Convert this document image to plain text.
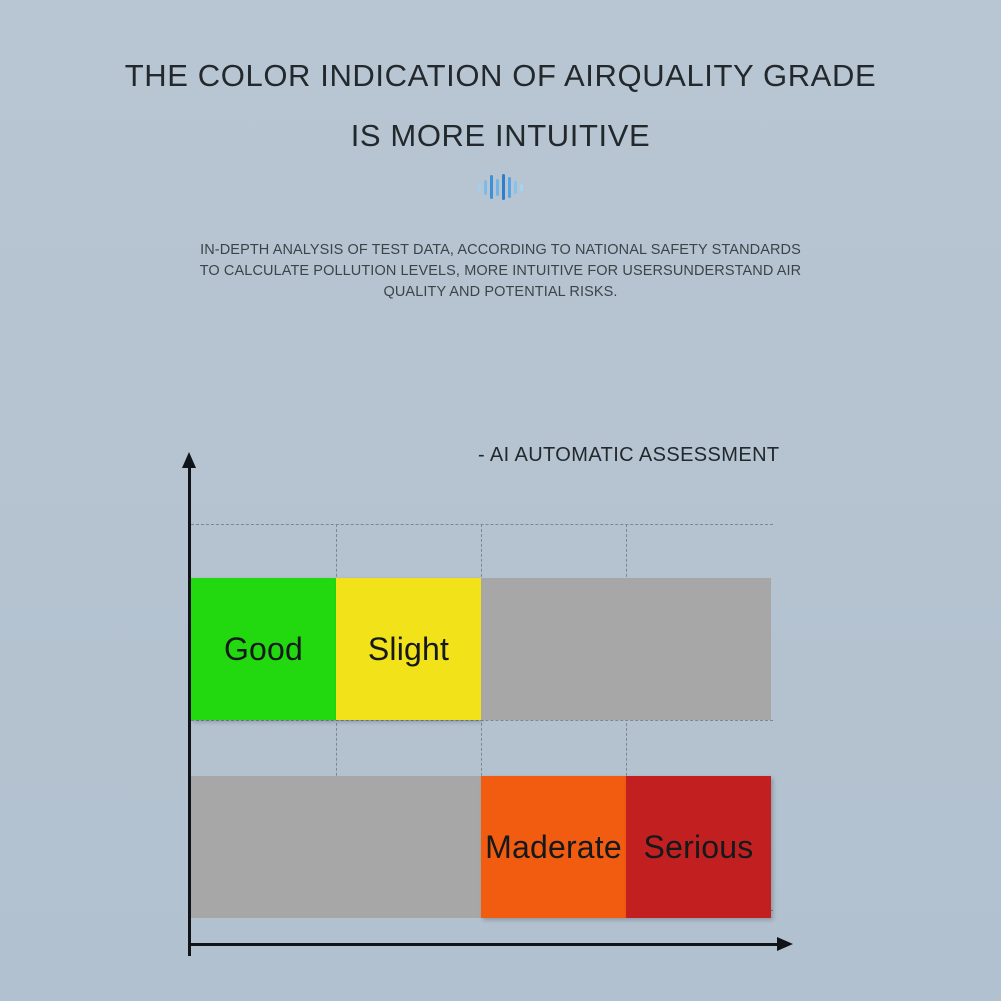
THE COLOR INDICATION OF AIRQUALITY GRADE
IS MORE INTUITIVE
IN-DEPTH ANALYSIS OF TEST DATA, ACCORDING TO NATIONAL SAFETY STANDARDS TO CALCULATE POLLUTION LEVELS, MORE INTUITIVE FOR USERSUNDERSTAND AIR QUALITY AND POTENTIAL RISKS.
- AI AUTOMATIC ASSESSMENT
Good Slight
Maderate Serious
